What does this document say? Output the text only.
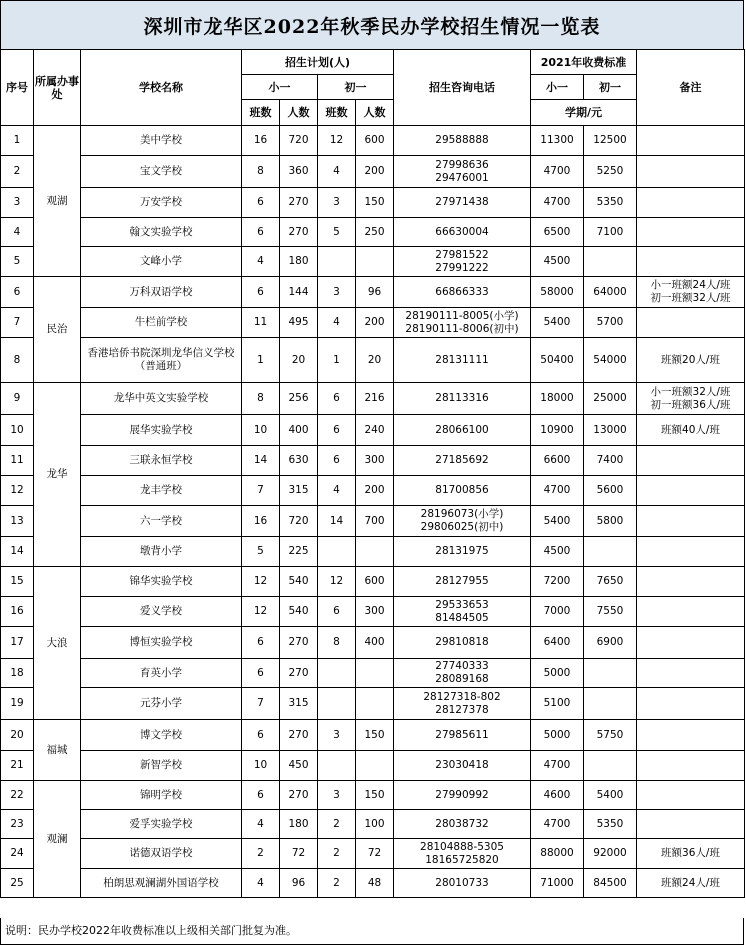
深圳市龙华区2022年秋季民办学校招生情况一览表
序号	所属办事处	学校名称	招生计划(人)				招生咨询电话	2021年收费标准		备注
			小一		初一			小一	初一	
			班数	人数	班数	人数		学期/元		
1	观湖	美中学校	16	720	12	600	29588888	11300	12500	

2		宝文学校	8	360	4	200	27998636
29476001	4700	5250	

3		万安学校	6	270	3	150	27971438	4700	5350	

4		翰文实验学校	6	270	5	250	66630004	6500	7100	

5		文峰小学	4	180			27981522
27991222	4500		

6	民治	万科双语学校	6	144	3	96	66866333	58000	64000	小一班额24人/班
初一班额32人/班

7		牛栏前学校	11	495	4	200	28190111-8005(小学)
28190111-8006(初中)	5400	5700	

8		香港培侨书院深圳龙华信义学校（普通班）	1	20	1	20	28131111	50400	54000	班额20人/班

9	龙华	龙华中英文实验学校	8	256	6	216	28113316	18000	25000	小一班额32人/班
初一班额36人/班

10		展华实验学校	10	400	6	240	28066100	10900	13000	班额40人/班

11		三联永恒学校	14	630	6	300	27185692	6600	7400	

12		龙丰学校	7	315	4	200	81700856	4700	5600	

13		六一学校	16	720	14	700	28196073(小学)
29806025(初中)	5400	5800	

14		墩背小学	5	225			28131975	4500		

15	大浪	锦华实验学校	12	540	12	600	28127955	7200	7650	

16		爱义学校	12	540	6	300	29533653
81484505	7000	7550	

17		博恒实验学校	6	270	8	400	29810818	6400	6900	

18		育英小学	6	270			27740333
28089168	5000		

19		元芬小学	7	315			28127318-802
28127378	5100		

20	福城	博文学校	6	270	3	150	27985611	5000	5750	

21		新智学校	10	450			23030418	4700		

22	观澜	锦明学校	6	270	3	150	27990992	4600	5400	

23		爱孚实验学校	4	180	2	100	28038732	4700	5350	

24		诺德双语学校	2	72	2	72	28104888-5305
18165725820	88000	92000	班额36人/班

25		柏朗思观澜湖外国语学校	4	96	2	48	28010733	71000	84500	班额24人/班
说明：民办学校2022年收费标准以上级相关部门批复为准。
